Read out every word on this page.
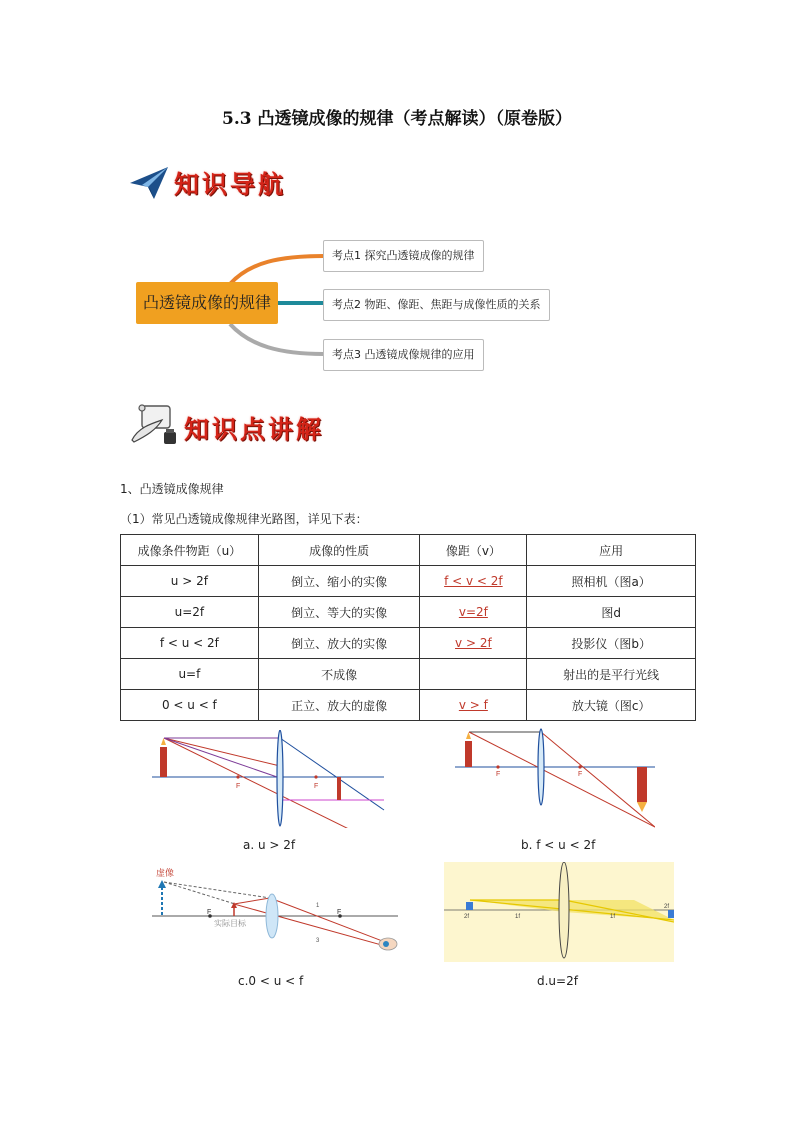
5.3 凸透镜成像的规律（考点解读）（原卷版）
知识导航
凸透镜成像的规律
考点1 探究凸透镜成像的规律
考点2 物距、像距、焦距与成像性质的关系
考点3 凸透镜成像规律的应用
知识点讲解
1、凸透镜成像规律
（1）常见凸透镜成像规律光路图，详见下表：
成像条件物距（u）	成像的性质	像距（v）	应用
u > 2f	倒立、缩小的实像	f < v < 2f	照相机（图a）
u=2f	倒立、等大的实像	v=2f	图d
f < u < 2f	倒立、放大的实像	v > 2f	投影仪（图b）
u=f	不成像		射出的是平行光线
0 < u < f	正立、放大的虚像	v > f	放大镜（图c）
F	F
a. u > 2f
F	F
b. f < u < 2f
虚像
F	F
实际目标
1
3
c.0 < u < f
2f	1f	1f
2f
d.u=2f
